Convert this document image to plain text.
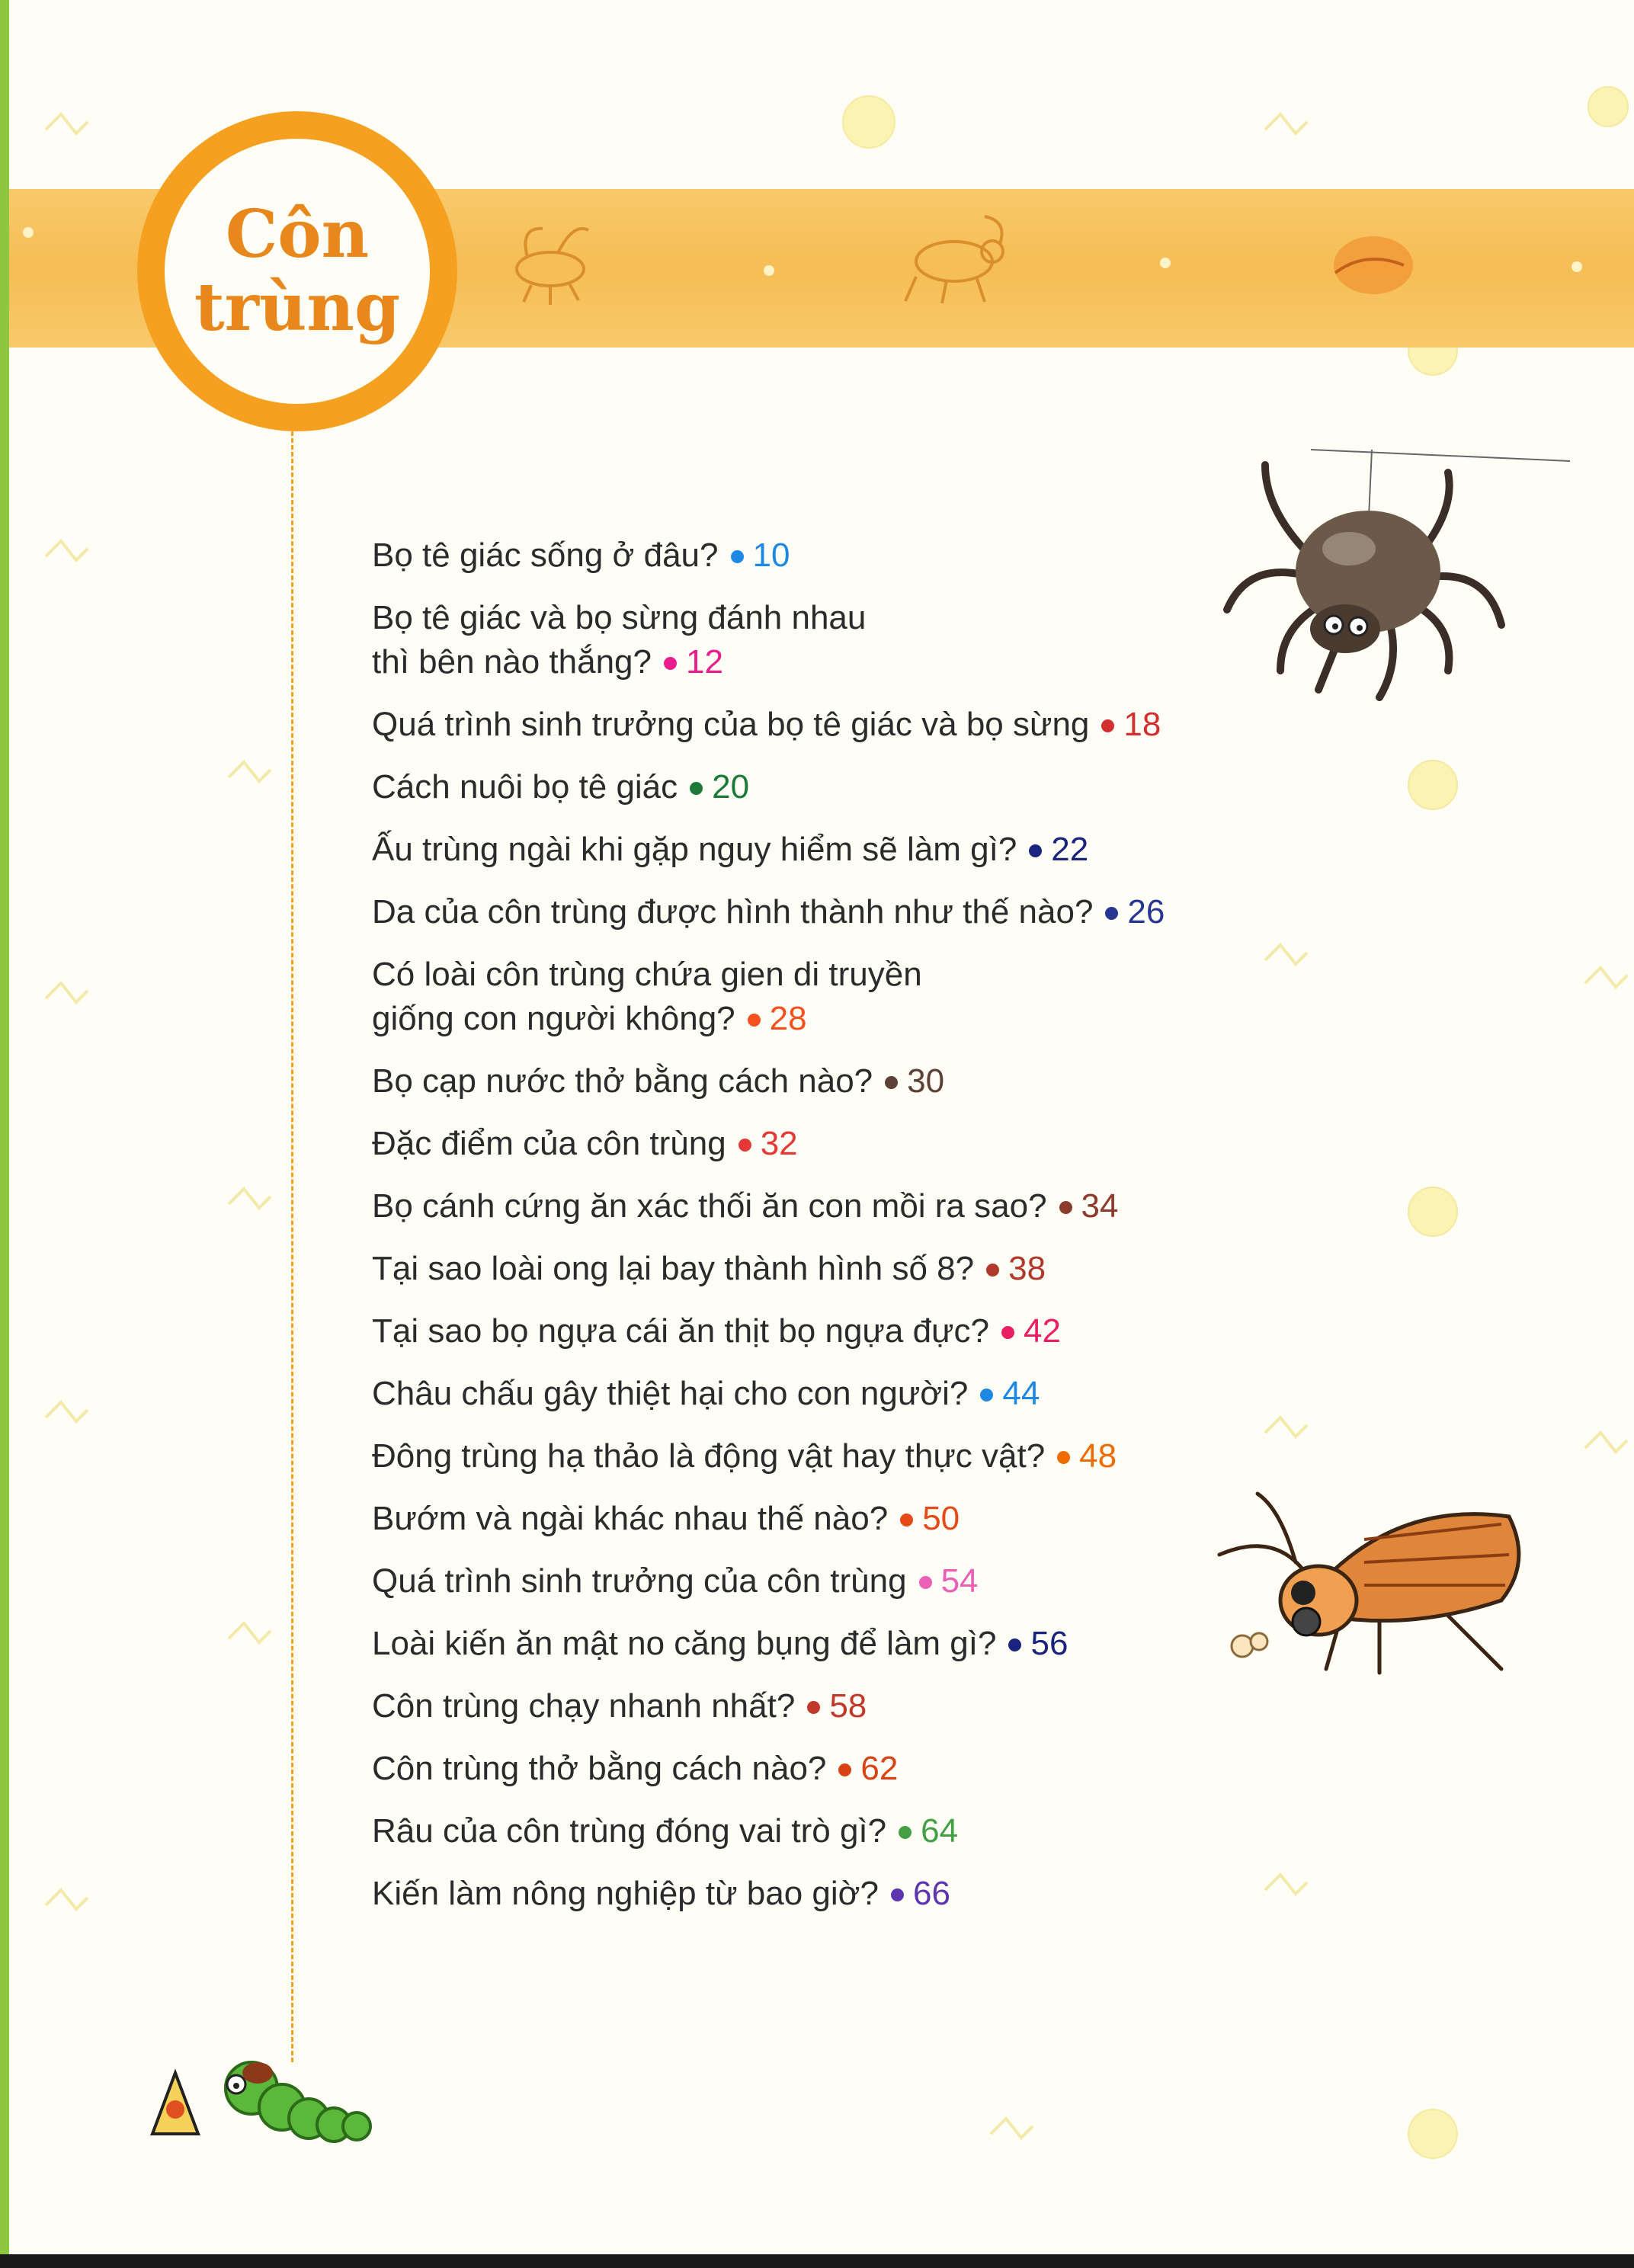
Côn
trùng
Bọ tê giác sống ở đâu? 10
Bọ tê giác và bọ sừng đánh nhau
thì bên nào thắng? 12
Quá trình sinh trưởng của bọ tê giác và bọ sừng 18
Cách nuôi bọ tê giác 20
Ấu trùng ngài khi gặp nguy hiểm sẽ làm gì? 22
Da của côn trùng được hình thành như thế nào? 26
Có loài côn trùng chứa gien di truyền
giống con người không? 28
Bọ cạp nước thở bằng cách nào? 30
Đặc điểm của côn trùng 32
Bọ cánh cứng ăn xác thối ăn con mồi ra sao? 34
Tại sao loài ong lại bay thành hình số 8? 38
Tại sao bọ ngựa cái ăn thịt bọ ngựa đực? 42
Châu chấu gây thiệt hại cho con người? 44
Đông trùng hạ thảo là động vật hay thực vật? 48
Bướm và ngài khác nhau thế nào? 50
Quá trình sinh trưởng của côn trùng 54
Loài kiến ăn mật no căng bụng để làm gì? 56
Côn trùng chạy nhanh nhất? 58
Côn trùng thở bằng cách nào? 62
Râu của côn trùng đóng vai trò gì? 64
Kiến làm nông nghiệp từ bao giờ? 66
